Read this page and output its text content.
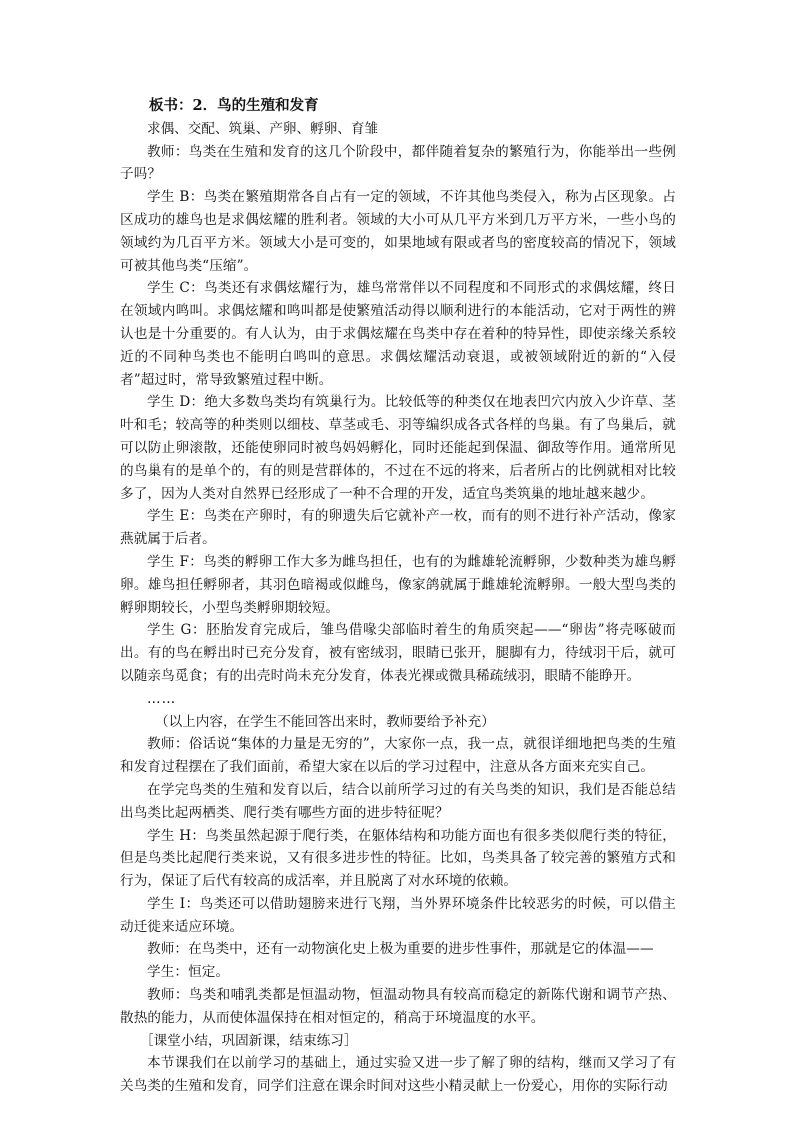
板书：2．鸟的生殖和发育
求偶、交配、筑巢、产卵、孵卵、育雏

教师：鸟类在生殖和发育的这几个阶段中，都伴随着复杂的繁殖行为，你能举出一些例子吗？

学生 B：鸟类在繁殖期常各自占有一定的领域，不许其他鸟类侵入，称为占区现象。占区成功的雄鸟也是求偶炫耀的胜利者。领域的大小可从几平方米到几万平方米，一些小鸟的领域约为几百平方米。领域大小是可变的，如果地域有限或者鸟的密度较高的情况下，领域可被其他鸟类“压缩”。

学生 C：鸟类还有求偶炫耀行为，雄鸟常常伴以不同程度和不同形式的求偶炫耀，终日在领域内鸣叫。求偶炫耀和鸣叫都是使繁殖活动得以顺利进行的本能活动，它对于两性的辨认也是十分重要的。有人认为，由于求偶炫耀在鸟类中存在着种的特异性，即使亲缘关系较近的不同种鸟类也不能明白鸣叫的意思。求偶炫耀活动衰退，或被领域附近的新的“入侵者”超过时，常导致繁殖过程中断。

学生 D：绝大多数鸟类均有筑巢行为。比较低等的种类仅在地表凹穴内放入少许草、茎叶和毛；较高等的种类则以细枝、草茎或毛、羽等编织成各式各样的鸟巢。有了鸟巢后，就可以防止卵滚散，还能使卵同时被鸟妈妈孵化，同时还能起到保温、御敌等作用。通常所见的鸟巢有的是单个的，有的则是营群体的，不过在不远的将来，后者所占的比例就相对比较多了，因为人类对自然界已经形成了一种不合理的开发，适宜鸟类筑巢的地址越来越少。

学生 E：鸟类在产卵时，有的卵遗失后它就补产一枚，而有的则不进行补产活动，像家燕就属于后者。

学生 F：鸟类的孵卵工作大多为雌鸟担任，也有的为雌雄轮流孵卵，少数种类为雄鸟孵卵。雄鸟担任孵卵者，其羽色暗褐或似雌鸟，像家鸽就属于雌雄轮流孵卵。一般大型鸟类的孵卵期较长，小型鸟类孵卵期较短。

学生 G：胚胎发育完成后，雏鸟借喙尖部临时着生的角质突起——“卵齿”将壳啄破而出。有的鸟在孵出时已充分发育，被有密绒羽，眼睛已张开，腿脚有力，待绒羽干后，就可以随亲鸟觅食；有的出壳时尚未充分发育，体表光裸或微具稀疏绒羽，眼睛不能睁开。

……
（以上内容，在学生不能回答出来时，教师要给予补充）

教师：俗话说“集体的力量是无穷的”，大家你一点，我一点，就很详细地把鸟类的生殖和发育过程摆在了我们面前，希望大家在以后的学习过程中，注意从各方面来充实自己。

在学完鸟类的生殖和发育以后，结合以前所学习过的有关鸟类的知识，我们是否能总结出鸟类比起两栖类、爬行类有哪些方面的进步特征呢？

学生 H：鸟类虽然起源于爬行类，在躯体结构和功能方面也有很多类似爬行类的特征，但是鸟类比起爬行类来说，又有很多进步性的特征。比如，鸟类具备了较完善的繁殖方式和行为，保证了后代有较高的成活率，并且脱离了对水环境的依赖。

学生 I：鸟类还可以借助翅膀来进行飞翔，当外界环境条件比较恶劣的时候，可以借主动迁徙来适应环境。

教师：在鸟类中，还有一动物演化史上极为重要的进步性事件，那就是它的体温——

学生：恒定。

教师：鸟类和哺乳类都是恒温动物，恒温动物具有较高而稳定的新陈代谢和调节产热、散热的能力，从而使体温保持在相对恒定的，稍高于环境温度的水平。

［课堂小结，巩固新课，结束练习］

本节课我们在以前学习的基础上，通过实验又进一步了解了卵的结构，继而又学习了有关鸟类的生殖和发育，同学们注意在课余时间对这些小精灵献上一份爱心，用你的实际行动
